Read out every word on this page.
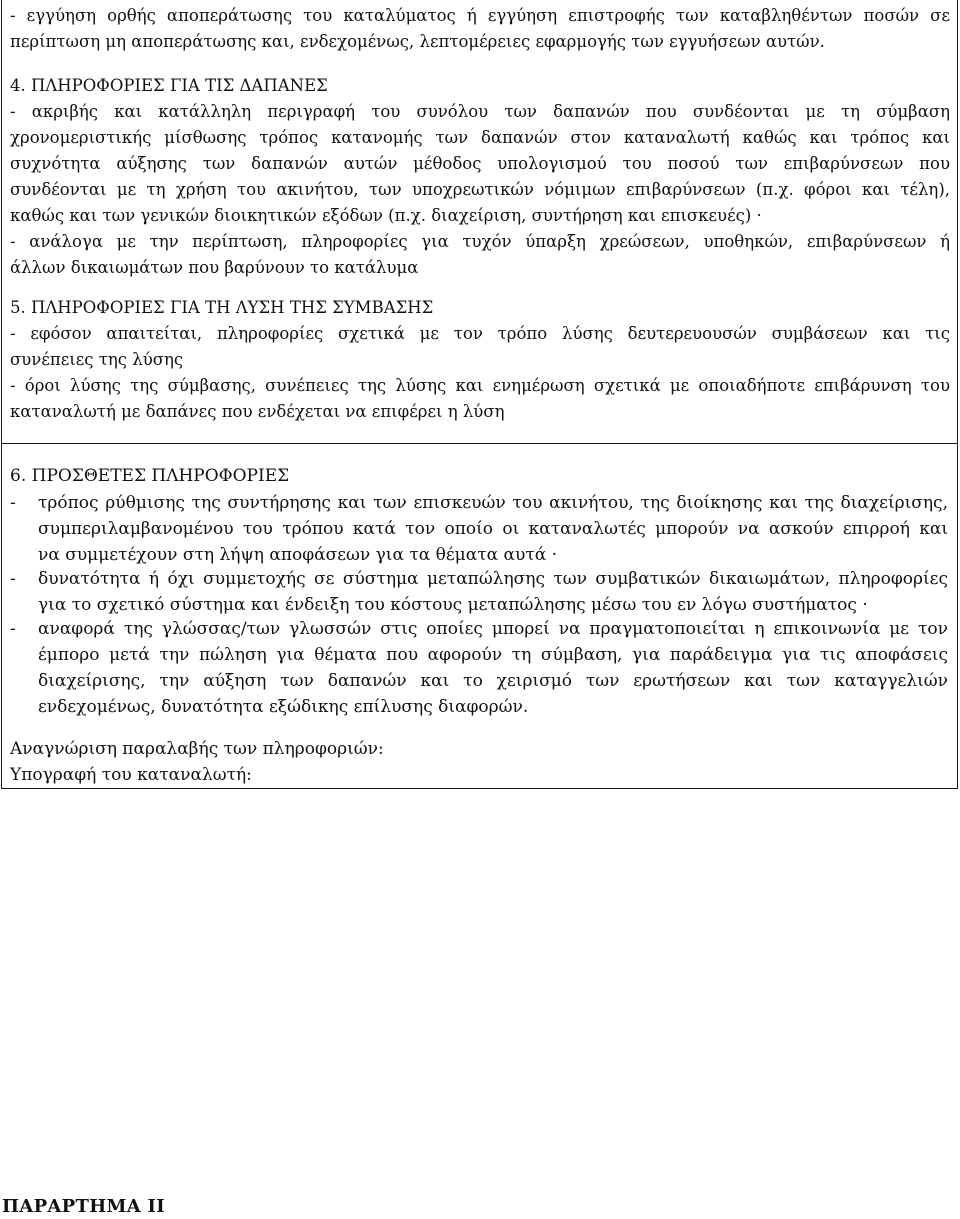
- εγγύηση ορθής αποπεράτωσης του καταλύματος ή εγγύηση επιστροφής των καταβληθέντων ποσών σε
περίπτωση μη αποπεράτωσης και, ενδεχομένως, λεπτομέρειες εφαρμογής των εγγυήσεων αυτών.
4. ΠΛΗΡΟΦΟΡΙΕΣ ΓΙΑ ΤΙΣ ΔΑΠΑΝΕΣ
- ακριβής και κατάλληλη περιγραφή του συνόλου των δαπανών που συνδέονται με τη σύμβαση
χρονομεριστικής μίσθωσης τρόπος κατανομής των δαπανών στον καταναλωτή καθώς και τρόπος και
συχνότητα αύξησης των δαπανών αυτών μέθοδος υπολογισμού του ποσού των επιβαρύνσεων που
συνδέονται με τη χρήση του ακινήτου, των υποχρεωτικών νόμιμων επιβαρύνσεων (π.χ. φόροι και τέλη),
καθώς και των γενικών διοικητικών εξόδων (π.χ. διαχείριση, συντήρηση και επισκευές) ·
- ανάλογα με την περίπτωση, πληροφορίες για τυχόν ύπαρξη χρεώσεων, υποθηκών, επιβαρύνσεων ή
άλλων δικαιωμάτων που βαρύνουν το κατάλυμα
5. ΠΛΗΡΟΦΟΡΙΕΣ ΓΙΑ ΤΗ ΛΥΣΗ ΤΗΣ ΣΥΜΒΑΣΗΣ
- εφόσον απαιτείται, πληροφορίες σχετικά με τον τρόπο λύσης δευτερευουσών συμβάσεων και τις
συνέπειες της λύσης
- όροι λύσης της σύμβασης, συνέπειες της λύσης και ενημέρωση σχετικά με οποιαδήποτε επιβάρυνση του
καταναλωτή με δαπάνες που ενδέχεται να επιφέρει η λύση
6. ΠΡΟΣΘΕΤΕΣ ΠΛΗΡΟΦΟΡΙΕΣ
- τρόπος ρύθμισης της συντήρησης και των επισκευών του ακινήτου, της διοίκησης και της διαχείρισης,
συμπεριλαμβανομένου του τρόπου κατά τον οποίο οι καταναλωτές μπορούν να ασκούν επιρροή και
να συμμετέχουν στη λήψη αποφάσεων για τα θέματα αυτά ·
- δυνατότητα ή όχι συμμετοχής σε σύστημα μεταπώλησης των συμβατικών δικαιωμάτων, πληροφορίες
για το σχετικό σύστημα και ένδειξη του κόστους μεταπώλησης μέσω του εν λόγω συστήματος ·
- αναφορά της γλώσσας/των γλωσσών στις οποίες μπορεί να πραγματοποιείται η επικοινωνία με τον
έμπορο μετά την πώληση για θέματα που αφορούν τη σύμβαση, για παράδειγμα για τις αποφάσεις
διαχείρισης, την αύξηση των δαπανών και το χειρισμό των ερωτήσεων και των καταγγελιών
ενδεχομένως, δυνατότητα εξώδικης επίλυσης διαφορών.
Αναγνώριση παραλαβής των πληροφοριών:
Υπογραφή του καταναλωτή:
ΠΑΡΑΡΤΗΜΑ ΙΙ
